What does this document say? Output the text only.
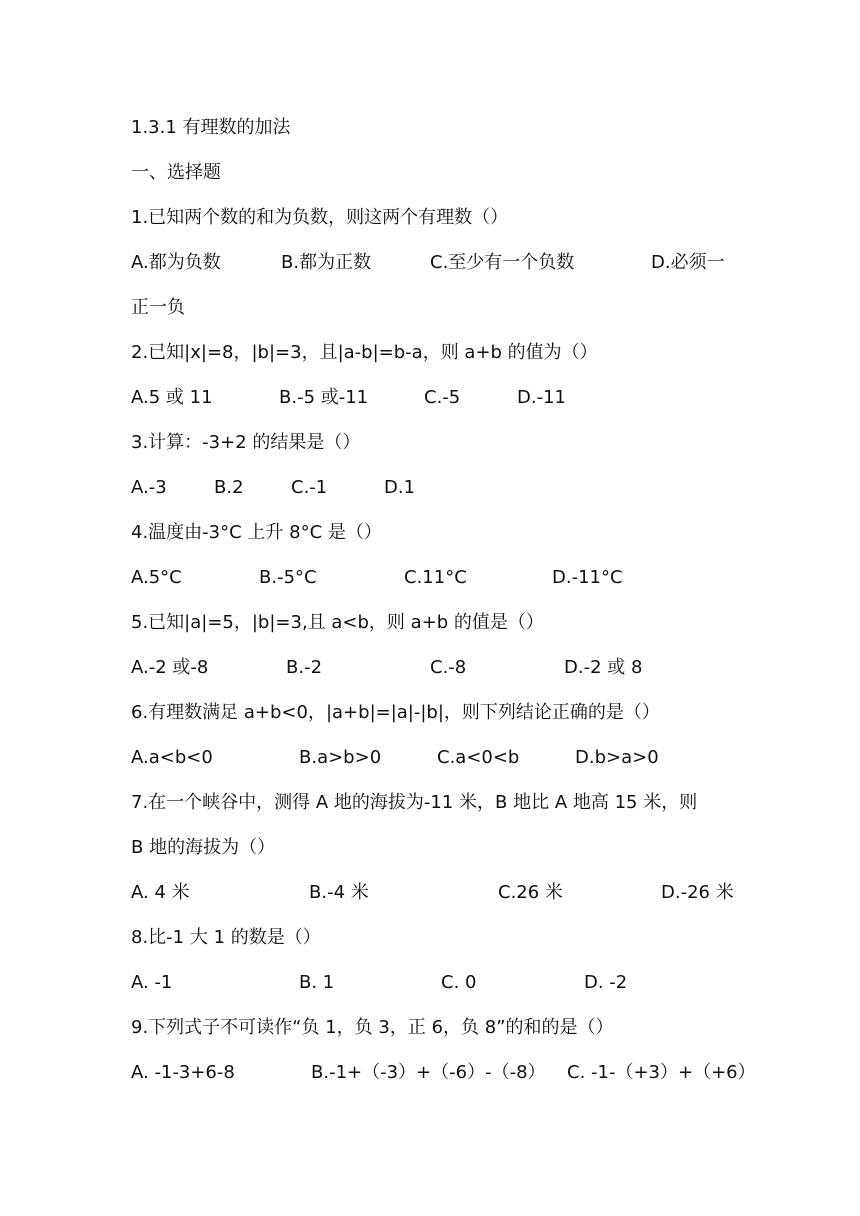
1.3.1 有理数的加法
一、选择题
1.已知两个数的和为负数，则这两个有理数（）
A.都为负数	B.都为正数	C.至少有一个负数	D.必须一
正一负
2.已知|x|=8，|b|=3，且|a-b|=b-a，则 a+b 的值为（）
A.5 或 11	B.-5 或-11	C.-5	D.-11
3.计算：-3+2 的结果是（）
A.-3	B.2	C.-1	D.1
4.温度由-3°C 上升 8°C 是（）
A.5°C	B.-5°C	C.11°C	D.-11°C
5.已知|a|=5，|b|=3,且 a<b，则 a+b 的值是（）
A.-2 或-8	B.-2	C.-8	D.-2 或 8
6.有理数满足 a+b<0，|a+b|=|a|-|b|，则下列结论正确的是（）
A.a<b<0	B.a>b>0	C.a<0<b	D.b>a>0
7.在一个峡谷中，测得 A 地的海拔为-11 米，B 地比 A 地高 15 米，则
B 地的海拔为（）
A. 4 米	B.-4 米	C.26 米	D.-26 米
8.比-1 大 1 的数是（）
A. -1	B. 1	C. 0	D. -2
9.下列式子不可读作“负 1，负 3，正 6，负 8”的和的是（）
A. -1-3+6-8	B.-1+（-3）+（-6）-（-8） C. -1-（+3）+（+6）
